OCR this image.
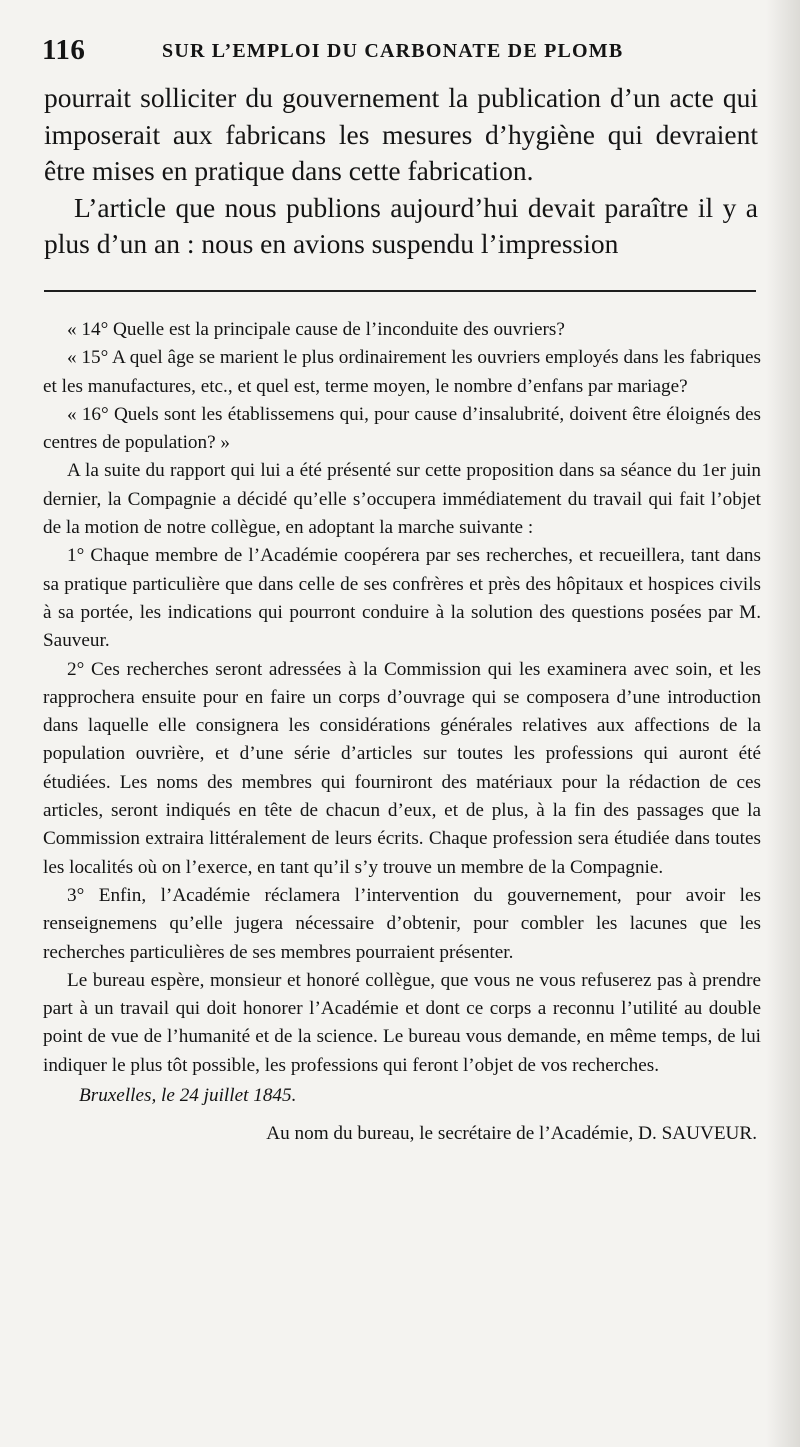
116	SUR L’EMPLOI DU CARBONATE DE PLOMB

pourrait solliciter du gouvernement la publication d’un acte qui imposerait aux fabricans les mesures d’hygiène qui devraient être mises en pratique dans cette fabrication.

L’article que nous publions aujourd’hui devait paraître il y a plus d’un an : nous en avions suspendu l’impression

« 14° Quelle est la principale cause de l’inconduite des ouvriers?

« 15° A quel âge se marient le plus ordinairement les ouvriers employés dans les fabriques et les manufactures, etc., et quel est, terme moyen, le nombre d’enfans par mariage?

« 16° Quels sont les établissemens qui, pour cause d’insalubrité, doivent être éloignés des centres de population? »

A la suite du rapport qui lui a été présenté sur cette proposition dans sa séance du 1er juin dernier, la Compagnie a décidé qu’elle s’occupera immédiatement du travail qui fait l’objet de la motion de notre collègue, en adoptant la marche suivante :

1° Chaque membre de l’Académie coopérera par ses recherches, et recueillera, tant dans sa pratique particulière que dans celle de ses confrères et près des hôpitaux et hospices civils à sa portée, les indications qui pourront conduire à la solution des questions posées par M. Sauveur.

2° Ces recherches seront adressées à la Commission qui les examinera avec soin, et les rapprochera ensuite pour en faire un corps d’ouvrage qui se composera d’une introduction dans laquelle elle consignera les considérations générales relatives aux affections de la population ouvrière, et d’une série d’articles sur toutes les professions qui auront été étudiées. Les noms des membres qui fourniront des matériaux pour la rédaction de ces articles, seront indiqués en tête de chacun d’eux, et de plus, à la fin des passages que la Commission extraira littéralement de leurs écrits. Chaque profession sera étudiée dans toutes les localités où on l’exerce, en tant qu’il s’y trouve un membre de la Compagnie.

3° Enfin, l’Académie réclamera l’intervention du gouvernement, pour avoir les renseignemens qu’elle jugera nécessaire d’obtenir, pour combler les lacunes que les recherches particulières de ses membres pourraient présenter.

Le bureau espère, monsieur et honoré collègue, que vous ne vous refuserez pas à prendre part à un travail qui doit honorer l’Académie et dont ce corps a reconnu l’utilité au double point de vue de l’humanité et de la science. Le bureau vous demande, en même temps, de lui indiquer le plus tôt possible, les professions qui feront l’objet de vos recherches.

Bruxelles, le 24 juillet 1845.

Au nom du bureau, le secrétaire de l’Académie, D. SAUVEUR.
